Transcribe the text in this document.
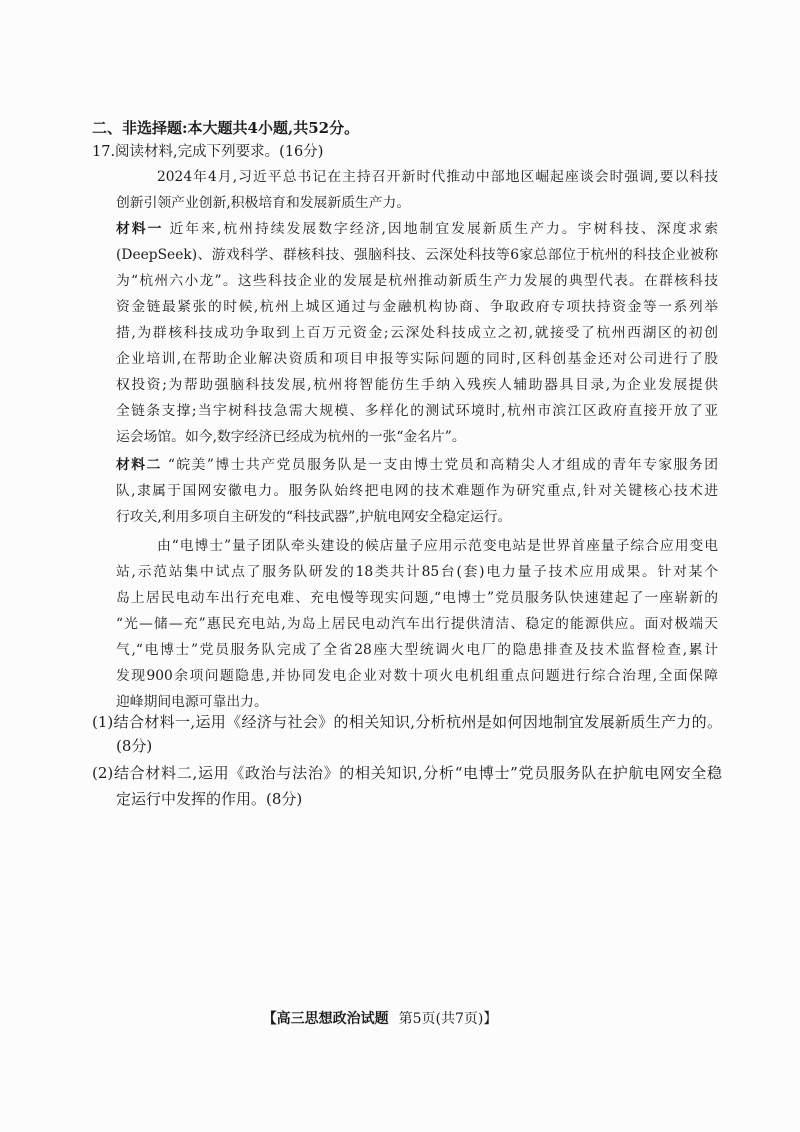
二、非选择题:本大题共4小题,共52分。
17.阅读材料,完成下列要求。(16分)
2024年4月,习近平总书记在主持召开新时代推动中部地区崛起座谈会时强调,要以科技
创新引领产业创新,积极培育和发展新质生产力。
材料一 近年来,杭州持续发展数字经济,因地制宜发展新质生产力。宇树科技、深度求索
(DeepSeek)、游戏科学、群核科技、强脑科技、云深处科技等6家总部位于杭州的科技企业被称
为“杭州六小龙”。这些科技企业的发展是杭州推动新质生产力发展的典型代表。在群核科技
资金链最紧张的时候,杭州上城区通过与金融机构协商、争取政府专项扶持资金等一系列举
措,为群核科技成功争取到上百万元资金;云深处科技成立之初,就接受了杭州西湖区的初创
企业培训,在帮助企业解决资质和项目申报等实际问题的同时,区科创基金还对公司进行了股
权投资;为帮助强脑科技发展,杭州将智能仿生手纳入残疾人辅助器具目录,为企业发展提供
全链条支撑;当宇树科技急需大规模、多样化的测试环境时,杭州市滨江区政府直接开放了亚
运会场馆。如今,数字经济已经成为杭州的一张“金名片”。
材料二 “皖美”博士共产党员服务队是一支由博士党员和高精尖人才组成的青年专家服务团
队,隶属于国网安徽电力。服务队始终把电网的技术难题作为研究重点,针对关键核心技术进
行攻关,利用多项自主研发的“科技武器”,护航电网安全稳定运行。
由“电博士”量子团队牵头建设的候店量子应用示范变电站是世界首座量子综合应用变电
站,示范站集中试点了服务队研发的18类共计85台(套)电力量子技术应用成果。针对某个
岛上居民电动车出行充电难、充电慢等现实问题,“电博士”党员服务队快速建起了一座崭新的
“光—储—充”惠民充电站,为岛上居民电动汽车出行提供清洁、稳定的能源供应。面对极端天
气,“电博士”党员服务队完成了全省28座大型统调火电厂的隐患排查及技术监督检查,累计
发现900余项问题隐患,并协同发电企业对数十项火电机组重点问题进行综合治理,全面保障
迎峰期间电源可靠出力。
(1)结合材料一,运用《经济与社会》的相关知识,分析杭州是如何因地制宜发展新质生产力的。
(8分)
(2)结合材料二,运用《政治与法治》的相关知识,分析“电博士”党员服务队在护航电网安全稳
定运行中发挥的作用。(8分)
【高三思想政治试题 第5页(共7页)】
